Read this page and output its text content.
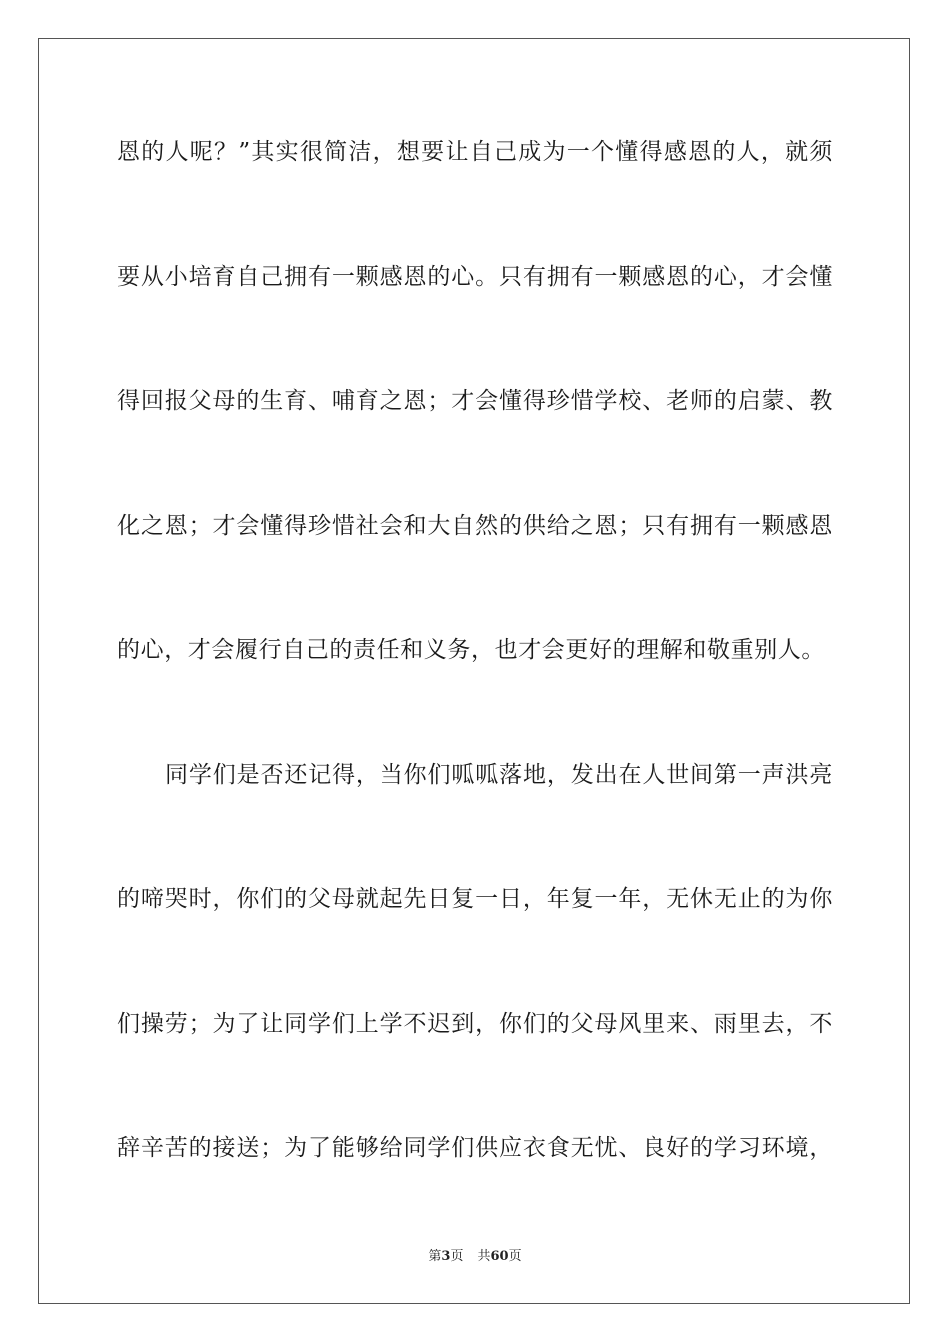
恩的人呢？”其实很简洁，想要让自己成为一个懂得感恩的人，就须
要从小培育自己拥有一颗感恩的心。只有拥有一颗感恩的心，才会懂
得回报父母的生育、哺育之恩；才会懂得珍惜学校、老师的启蒙、教
化之恩；才会懂得珍惜社会和大自然的供给之恩；只有拥有一颗感恩
的心，才会履行自己的责任和义务，也才会更好的理解和敬重别人。
同学们是否还记得，当你们呱呱落地，发出在人世间第一声洪亮
的啼哭时，你们的父母就起先日复一日，年复一年，无休无止的为你
们操劳；为了让同学们上学不迟到，你们的父母风里来、雨里去，不
辞辛苦的接送；为了能够给同学们供应衣食无忧、良好的学习环境，
第3页 共60页
